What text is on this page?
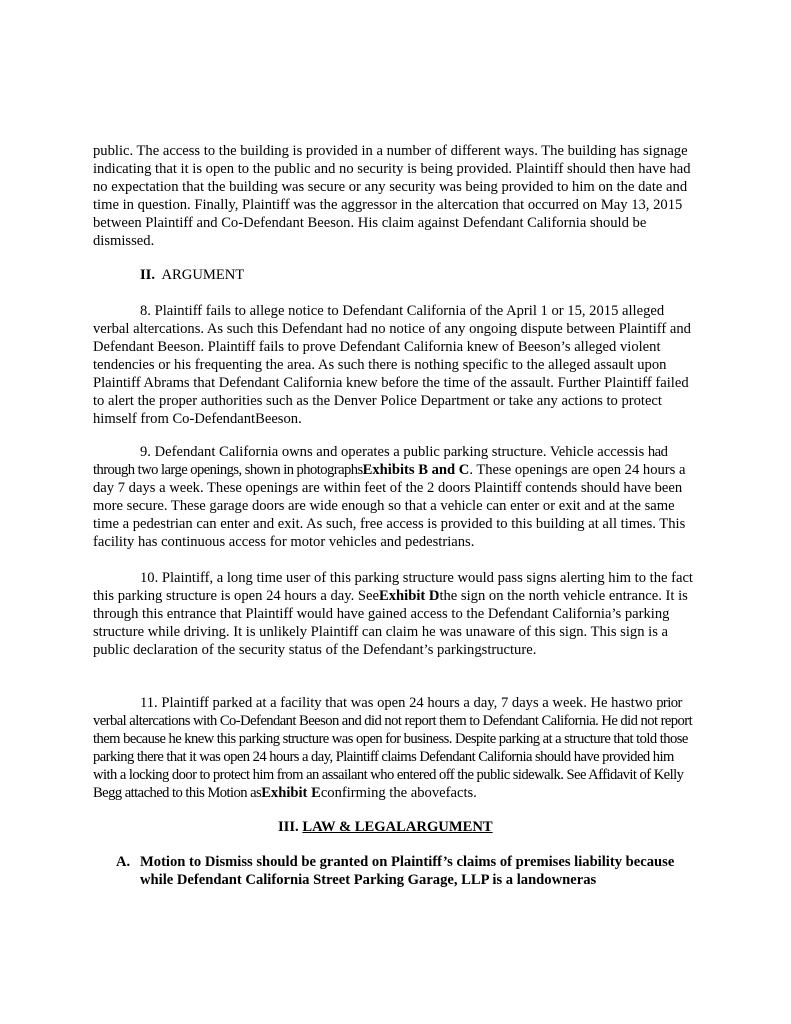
public. The access to the building is provided in a number of different ways. The building has signage indicating that it is open to the public and no security is being provided. Plaintiff should then have had no expectation that the building was secure or any security was being provided to him on the date and time in question. Finally, Plaintiff was the aggressor in the altercation that occurred on May 13, 2015 between Plaintiff and Co-Defendant Beeson. His claim against Defendant California should be dismissed.

II. ARGUMENT

8. Plaintiff fails to allege notice to Defendant California of the April 1 or 15, 2015 alleged verbal altercations. As such this Defendant had no notice of any ongoing dispute between Plaintiff and Defendant Beeson. Plaintiff fails to prove Defendant California knew of Beeson’s alleged violent tendencies or his frequenting the area. As such there is nothing specific to the alleged assault upon Plaintiff Abrams that Defendant California knew before the time of the assault. Further Plaintiff failed to alert the proper authorities such as the Denver Police Department or take any actions to protect himself from Co-DefendantBeeson.

9. Defendant California owns and operates a public parking structure. Vehicle accessis had through two large openings, shown in photographsExhibits B and C. These openings are open 24 hours a day 7 days a week. These openings are within feet of the 2 doors Plaintiff contends should have been more secure. These garage doors are wide enough so that a vehicle can enter or exit and at the same time a pedestrian can enter and exit. As such, free access is provided to this building at all times. This facility has continuous access for motor vehicles and pedestrians.

10. Plaintiff, a long time user of this parking structure would pass signs alerting him to the fact this parking structure is open 24 hours a day. SeeExhibit Dthe sign on the north vehicle entrance. It is through this entrance that Plaintiff would have gained access to the Defendant California’s parking structure while driving. It is unlikely Plaintiff can claim he was unaware of this sign. This sign is a public declaration of the security status of the Defendant’s parkingstructure.

11. Plaintiff parked at a facility that was open 24 hours a day, 7 days a week. He hastwo prior verbal altercations with Co-Defendant Beeson and did not report them to Defendant California. He did not report them because he knew this parking structure was open for business. Despite parking at a structure that told those parking there that it was open 24 hours a day, Plaintiff claims Defendant California should have provided him with a locking door to protect him from an assailant who entered off the public sidewalk. See Affidavit of Kelly Begg attached to this Motion asExhibit Econfirming the abovefacts.

III. LAW & LEGALARGUMENT

A. Motion to Dismiss should be granted on Plaintiff’s claims of premises liability because while Defendant California Street Parking Garage, LLP is a landowneras
